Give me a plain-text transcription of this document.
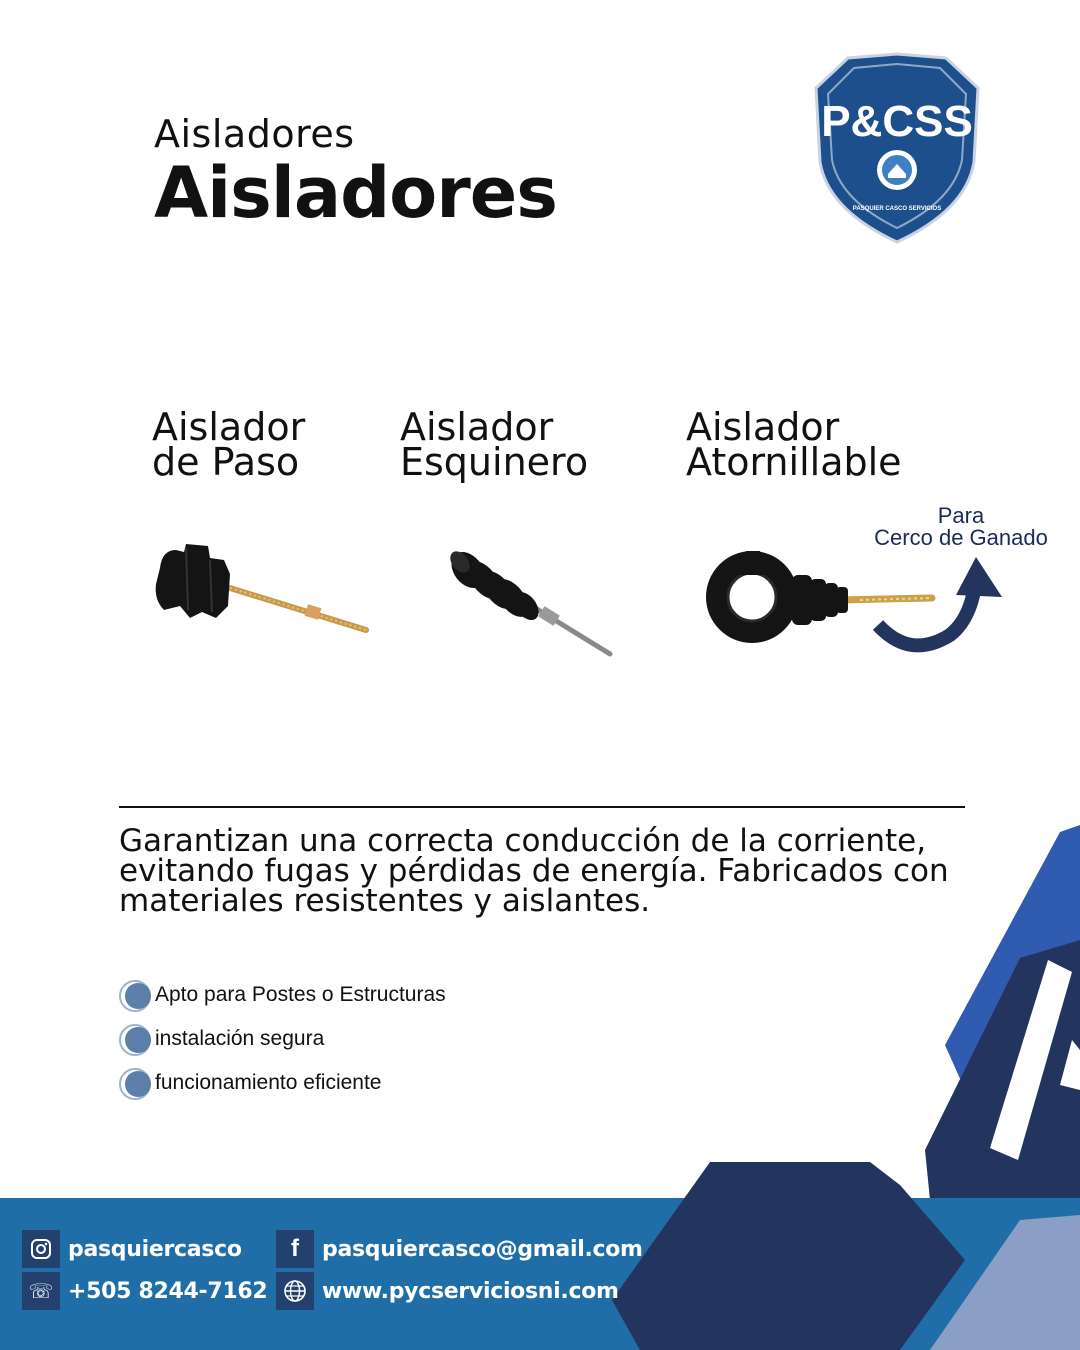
Aisladores
Aisladores
P&CSS
PASQUIER CASCO SERVICIOS
Aislador
de Paso
Aislador
Esquinero
Aislador
Atornillable
Para
Cerco de Ganado
Garantizan una correcta conducción de la corriente, evitando fugas y pérdidas de energía. Fabricados con materiales resistentes y aislantes.
Apto para Postes o Estructuras
instalación segura
funcionamiento eficiente
pasquiercasco
☏ +505 8244-7162
f	pasquiercasco@gmail.com
www.pycserviciosni.com
